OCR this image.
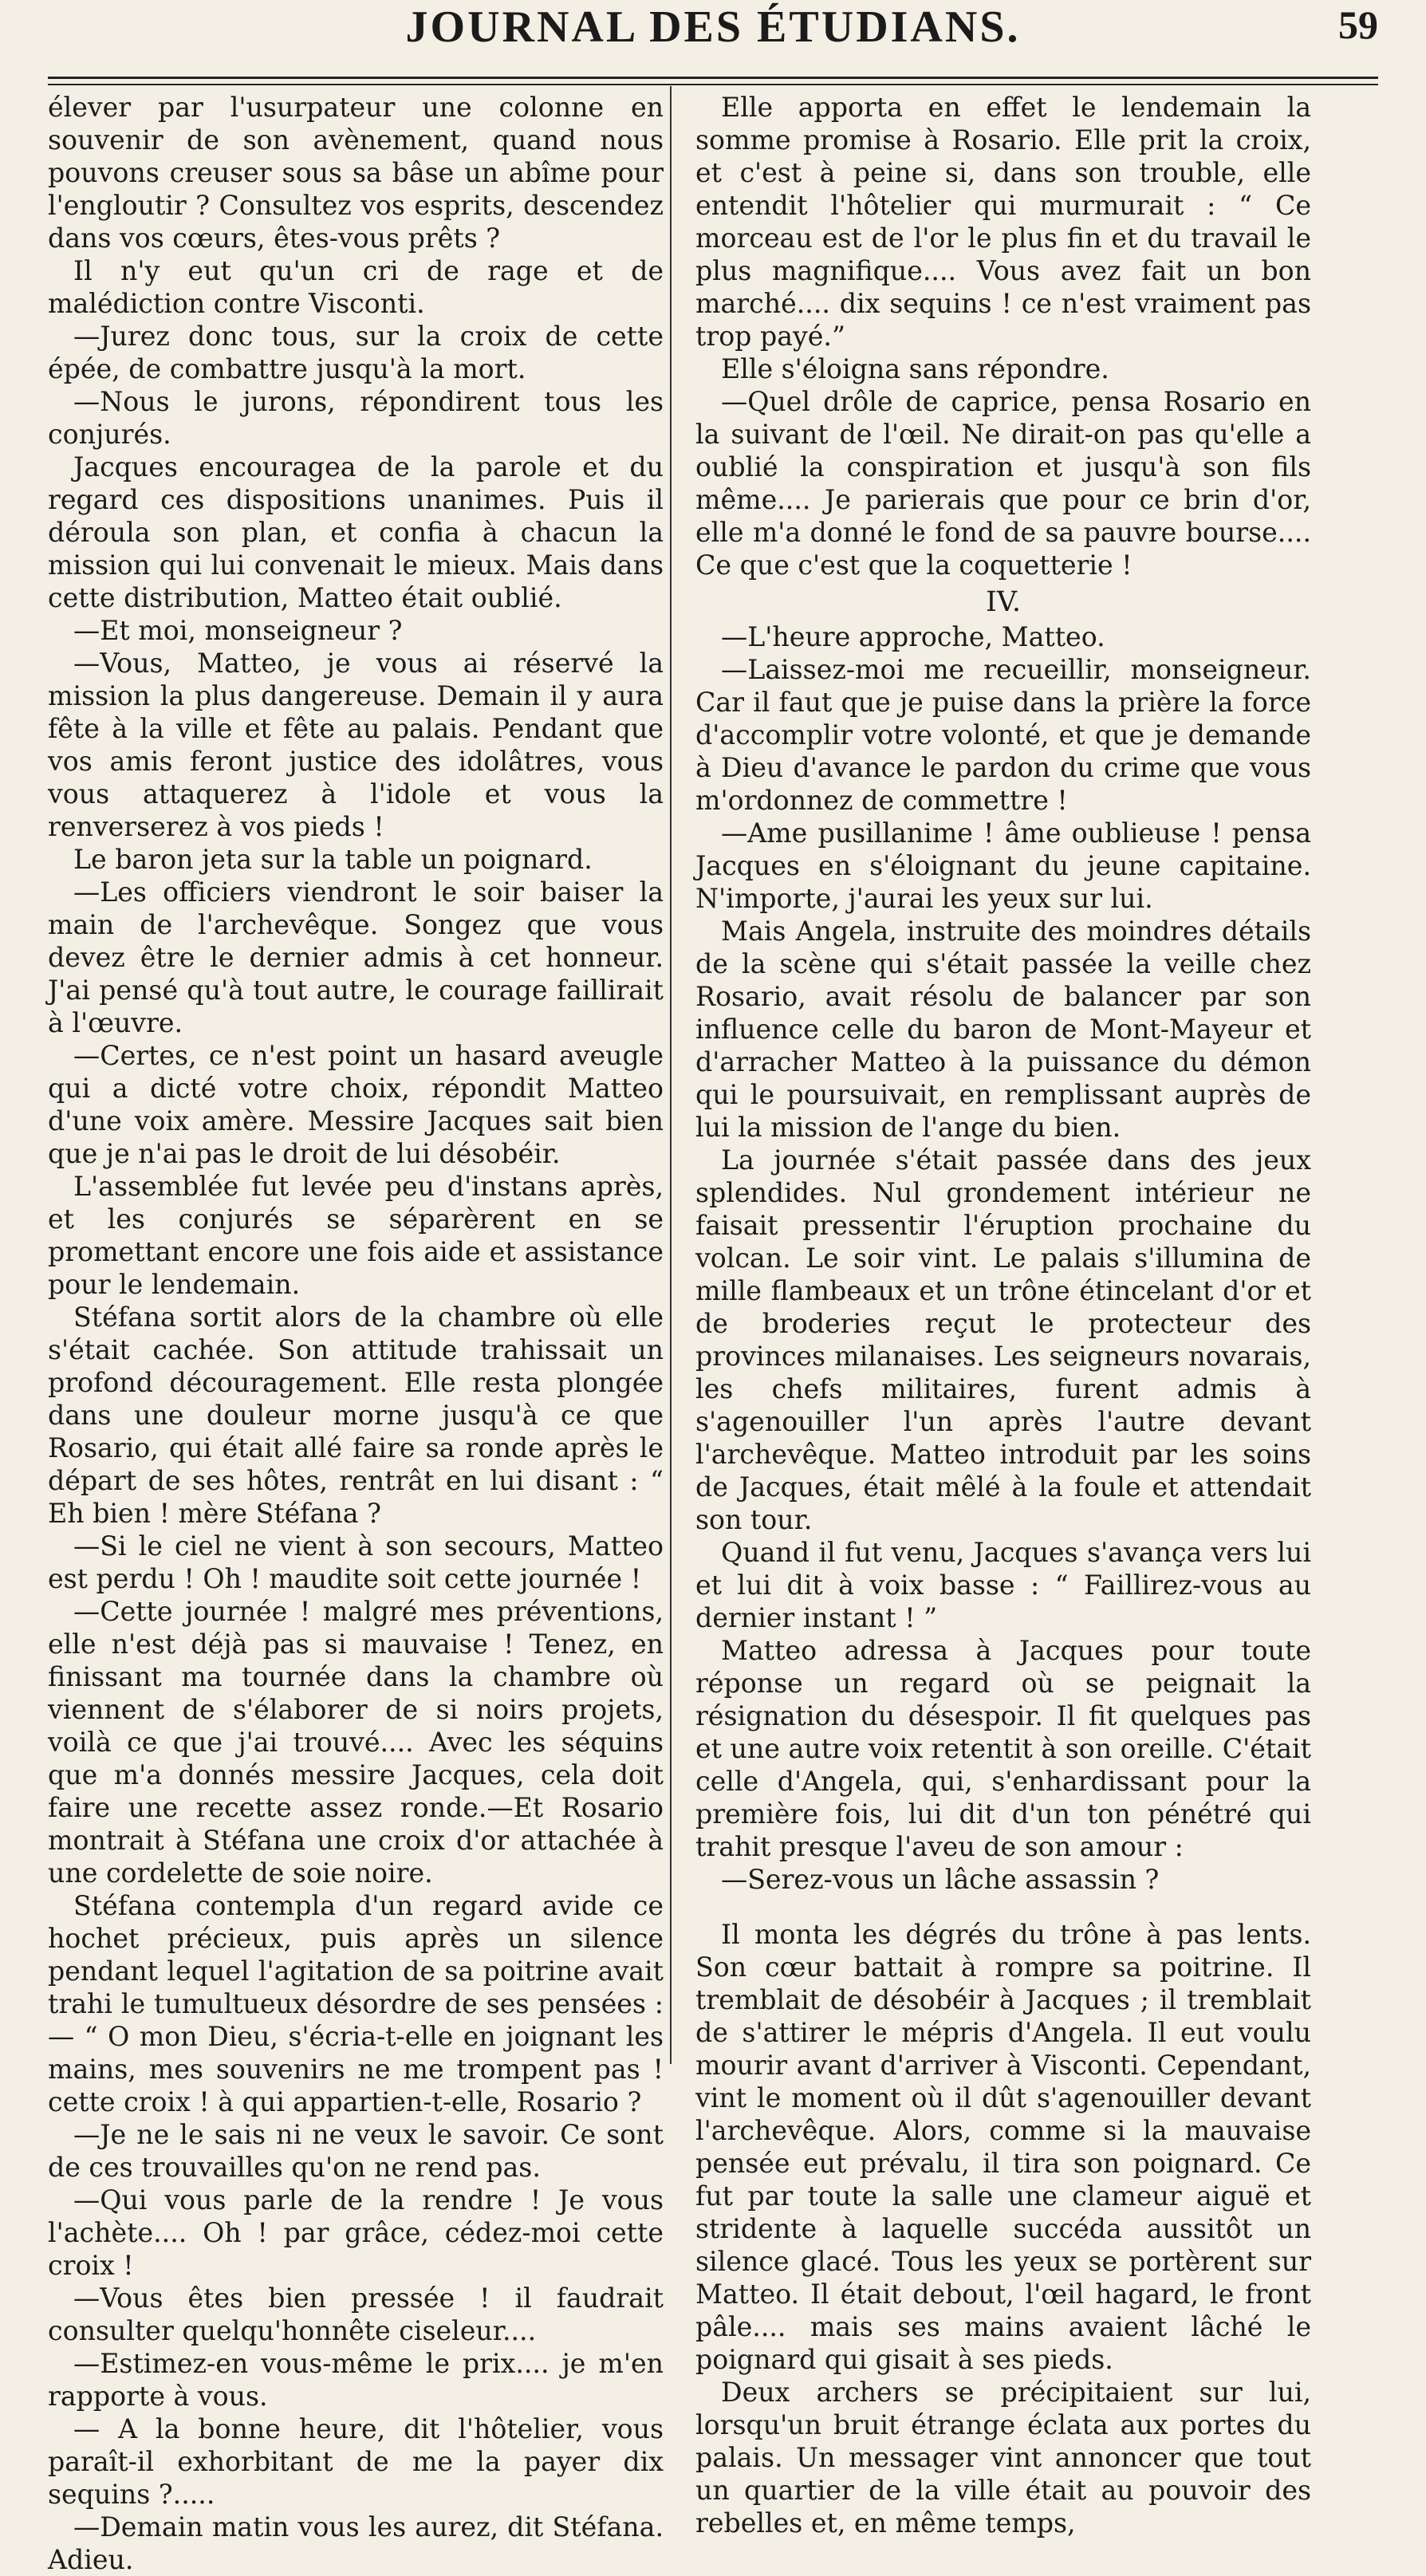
JOURNAL DES ÉTUDIANS.	59

élever par l'usurpateur une colonne en souvenir de son avènement, quand nous pouvons creuser sous sa bâse un abîme pour l'engloutir ? Consultez vos esprits, descendez dans vos cœurs, êtes-vous prêts ?

Il n'y eut qu'un cri de rage et de malédiction contre Visconti.

—Jurez donc tous, sur la croix de cette épée, de combattre jusqu'à la mort.

—Nous le jurons, répondirent tous les conjurés.

Jacques encouragea de la parole et du regard ces dispositions unanimes. Puis il déroula son plan, et confia à chacun la mission qui lui convenait le mieux. Mais dans cette distribution, Matteo était oublié.

—Et moi, monseigneur ?

—Vous, Matteo, je vous ai réservé la mission la plus dangereuse. Demain il y aura fête à la ville et fête au palais. Pendant que vos amis feront justice des idolâtres, vous vous attaquerez à l'idole et vous la renverserez à vos pieds !

Le baron jeta sur la table un poignard.

—Les officiers viendront le soir baiser la main de l'archevêque. Songez que vous devez être le dernier admis à cet honneur. J'ai pensé qu'à tout autre, le courage faillirait à l'œuvre.

—Certes, ce n'est point un hasard aveugle qui a dicté votre choix, répondit Matteo d'une voix amère. Messire Jacques sait bien que je n'ai pas le droit de lui désobéir.

L'assemblée fut levée peu d'instans après, et les conjurés se séparèrent en se promettant encore une fois aide et assistance pour le lendemain.

Stéfana sortit alors de la chambre où elle s'était cachée. Son attitude trahissait un profond découragement. Elle resta plongée dans une douleur morne jusqu'à ce que Rosario, qui était allé faire sa ronde après le départ de ses hôtes, rentrât en lui disant : “ Eh bien ! mère Stéfana ?

—Si le ciel ne vient à son secours, Matteo est perdu ! Oh ! maudite soit cette journée !

—Cette journée ! malgré mes préventions, elle n'est déjà pas si mauvaise ! Tenez, en finissant ma tournée dans la chambre où viennent de s'élaborer de si noirs projets, voilà ce que j'ai trouvé.... Avec les séquins que m'a donnés messire Jacques, cela doit faire une recette assez ronde.—Et Rosario montrait à Stéfana une croix d'or attachée à une cordelette de soie noire.

Stéfana contempla d'un regard avide ce hochet précieux, puis après un silence pendant lequel l'agitation de sa poitrine avait trahi le tumultueux désordre de ses pensées : — “ O mon Dieu, s'écria-t-elle en joignant les mains, mes souvenirs ne me trompent pas ! cette croix ! à qui appartien-t-elle, Rosario ?

—Je ne le sais ni ne veux le savoir. Ce sont de ces trouvailles qu'on ne rend pas.

—Qui vous parle de la rendre ! Je vous l'achète.... Oh ! par grâce, cédez-moi cette croix !

—Vous êtes bien pressée ! il faudrait consulter quelqu'honnête ciseleur....

—Estimez-en vous-même le prix.... je m'en rapporte à vous.

— A la bonne heure, dit l'hôtelier, vous paraît-il exhorbitant de me la payer dix sequins ?.....

—Demain matin vous les aurez, dit Stéfana. Adieu.

Elle apporta en effet le lendemain la somme promise à Rosario. Elle prit la croix, et c'est à peine si, dans son trouble, elle entendit l'hôtelier qui murmurait : “ Ce morceau est de l'or le plus fin et du travail le plus magnifique.... Vous avez fait un bon marché.... dix sequins ! ce n'est vraiment pas trop payé.”

Elle s'éloigna sans répondre.

—Quel drôle de caprice, pensa Rosario en la suivant de l'œil. Ne dirait-on pas qu'elle a oublié la conspiration et jusqu'à son fils même.... Je parierais que pour ce brin d'or, elle m'a donné le fond de sa pauvre bourse.... Ce que c'est que la coquetterie !

IV.

—L'heure approche, Matteo.

—Laissez-moi me recueillir, monseigneur. Car il faut que je puise dans la prière la force d'accomplir votre volonté, et que je demande à Dieu d'avance le pardon du crime que vous m'ordonnez de commettre !

—Ame pusillanime ! âme oublieuse ! pensa Jacques en s'éloignant du jeune capitaine. N'importe, j'aurai les yeux sur lui.

Mais Angela, instruite des moindres détails de la scène qui s'était passée la veille chez Rosario, avait résolu de balancer par son influence celle du baron de Mont-Mayeur et d'arracher Matteo à la puissance du démon qui le poursuivait, en remplissant auprès de lui la mission de l'ange du bien.

La journée s'était passée dans des jeux splendides. Nul grondement intérieur ne faisait pressentir l'éruption prochaine du volcan. Le soir vint. Le palais s'illumina de mille flambeaux et un trône étincelant d'or et de broderies reçut le protecteur des provinces milanaises. Les seigneurs novarais, les chefs militaires, furent admis à s'agenouiller l'un après l'autre devant l'archevêque. Matteo introduit par les soins de Jacques, était mêlé à la foule et attendait son tour.

Quand il fut venu, Jacques s'avança vers lui et lui dit à voix basse : “ Faillirez-vous au dernier instant ! ”

Matteo adressa à Jacques pour toute réponse un regard où se peignait la résignation du désespoir. Il fit quelques pas et une autre voix retentit à son oreille. C'était celle d'Angela, qui, s'enhardissant pour la première fois, lui dit d'un ton pénétré qui trahit presque l'aveu de son amour :

—Serez-vous un lâche assassin ?

Il monta les dégrés du trône à pas lents. Son cœur battait à rompre sa poitrine. Il tremblait de désobéir à Jacques ; il tremblait de s'attirer le mépris d'Angela. Il eut voulu mourir avant d'arriver à Visconti. Cependant, vint le moment où il dût s'agenouiller devant l'archevêque. Alors, comme si la mauvaise pensée eut prévalu, il tira son poignard. Ce fut par toute la salle une clameur aiguë et stridente à laquelle succéda aussitôt un silence glacé. Tous les yeux se portèrent sur Matteo. Il était debout, l'œil hagard, le front pâle.... mais ses mains avaient lâché le poignard qui gisait à ses pieds.

Deux archers se précipitaient sur lui, lorsqu'un bruit étrange éclata aux portes du palais. Un messager vint annoncer que tout un quartier de la ville était au pouvoir des rebelles et, en même temps,
